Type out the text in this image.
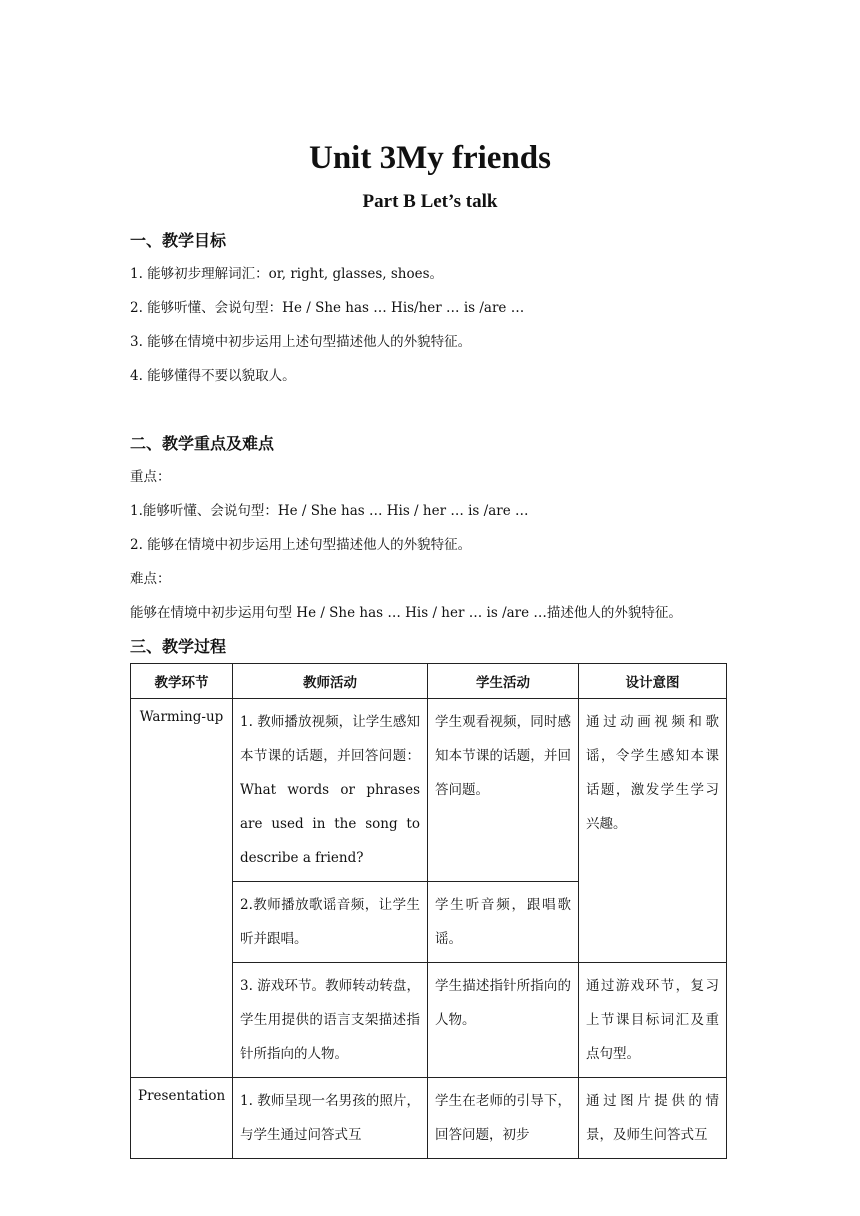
Unit 3My friends
Part B Let’s talk
一、教学目标

1. 能够初步理解词汇：or, right, glasses, shoes。

2. 能够听懂、会说句型：He / She has … His/her … is /are …

3. 能够在情境中初步运用上述句型描述他人的外貌特征。

4. 能够懂得不要以貌取人。

二、教学重点及难点

重点：

1.能够听懂、会说句型：He / She has … His / her … is /are …

2. 能够在情境中初步运用上述句型描述他人的外貌特征。

难点：

能够在情境中初步运用句型 He / She has … His / her … is /are …描述他人的外貌特征。

三、教学过程
教学环节	教师活动	学生活动	设计意图
Warming-up	1. 教师播放视频，让学生感知本节课的话题，并回答问题：What words or phrases are used in the song to describe a friend?	学生观看视频，同时感知本节课的话题，并回答问题。	通过动画视频和歌谣，令学生感知本课话题，激发学生学习兴趣。
	2.教师播放歌谣音频，让学生听并跟唱。	学生听音频，跟唱歌谣。	
	3. 游戏环节。教师转动转盘，学生用提供的语言支架描述指针所指向的人物。	学生描述指针所指向的人物。	通过游戏环节，复习上节课目标词汇及重点句型。
Presentation	1. 教师呈现一名男孩的照片，与学生通过问答式互	学生在老师的引导下，回答问题，初步	通过图片提供的情景，及师生问答式互
